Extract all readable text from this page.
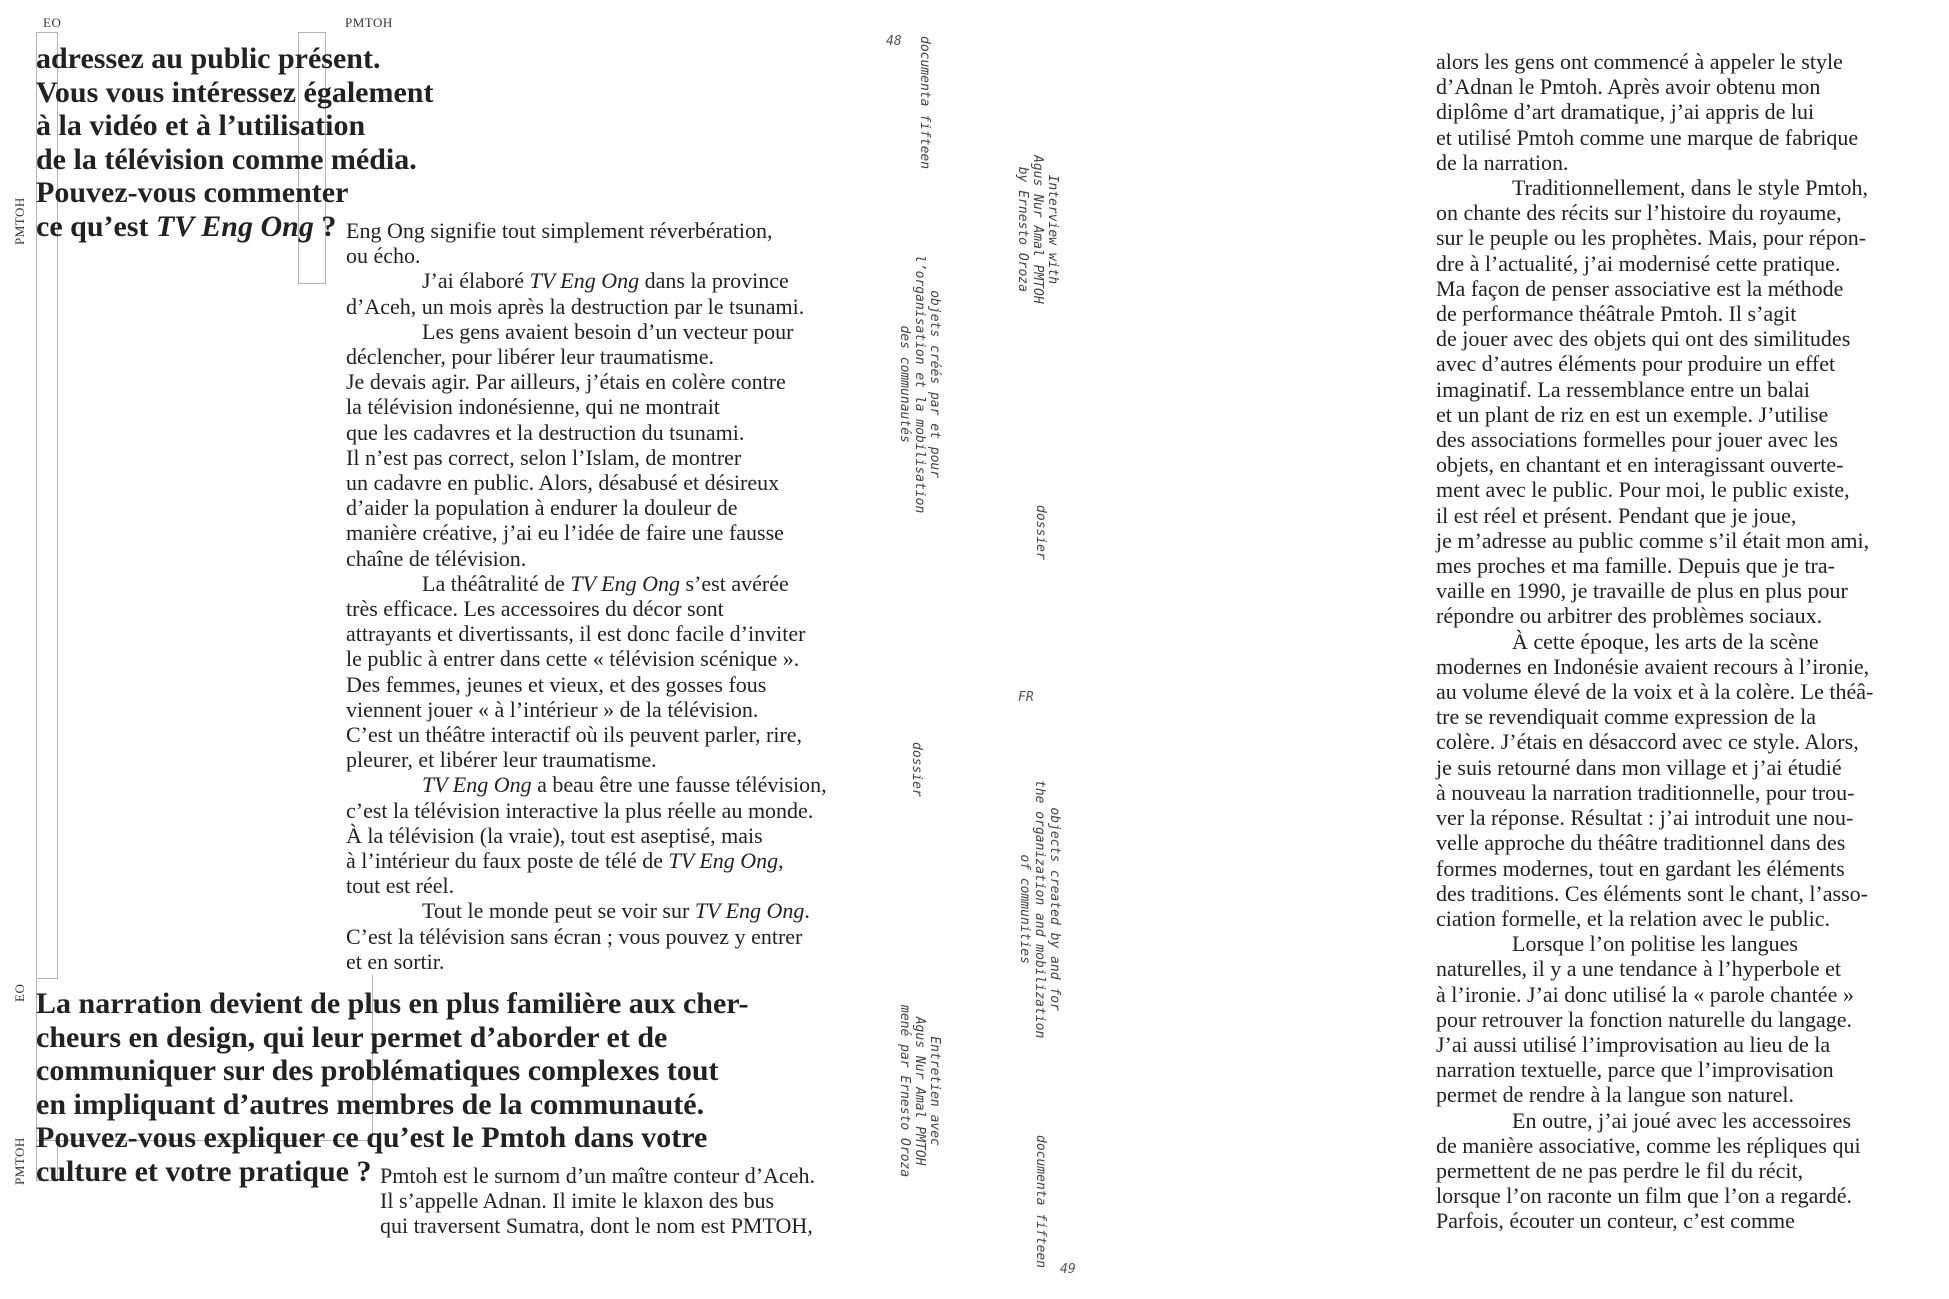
EO	PMTOH
PMTOH
EO
PMTOH
adressez au public présent.
Vous vous intéressez également
à la vidéo et à l’utilisation
de la télévision comme média.
Pouvez-vous commenter
ce qu’est TV Eng Ong ? Eng Ong signifie tout simplement réverbération,
ou écho.
J’ai élaboré TV Eng Ong dans la province
d’Aceh, un mois après la destruction par le tsunami.
Les gens avaient besoin d’un vecteur pour
déclencher, pour libérer leur traumatisme.
Je devais agir. Par ailleurs, j’étais en colère contre
la télévision indonésienne, qui ne montrait
que les cadavres et la destruction du tsunami.
Il n’est pas correct, selon l’Islam, de montrer
un cadavre en public. Alors, désabusé et désireux
d’aider la population à endurer la douleur de
manière créative, j’ai eu l’idée de faire une fausse
chaîne de télévision.
La théâtralité de TV Eng Ong s’est avérée
très efficace. Les accessoires du décor sont
attrayants et divertissants, il est donc facile d’inviter
le public à entrer dans cette « télévision scénique ».
Des femmes, jeunes et vieux, et des gosses fous
viennent jouer « à l’intérieur » de la télévision.
C’est un théâtre interactif où ils peuvent parler, rire,
pleurer, et libérer leur traumatisme.
TV Eng Ong a beau être une fausse télévision,
c’est la télévision interactive la plus réelle au monde.
À la télévision (la vraie), tout est aseptisé, mais
à l’intérieur du faux poste de télé de TV Eng Ong,
tout est réel.
Tout le monde peut se voir sur TV Eng Ong.
C’est la télévision sans écran ; vous pouvez y entrer
et en sortir.
La narration devient de plus en plus familière aux cher-
cheurs en design, qui leur permet d’aborder et de
communiquer sur des problématiques complexes tout
en impliquant d’autres membres de la communauté.
Pouvez-vous expliquer ce qu’est le Pmtoh dans votre
culture et votre pratique ? Pmtoh est le surnom d’un maître conteur d’Aceh.
Il s’appelle Adnan. Il imite le klaxon des bus
qui traversent Sumatra, dont le nom est PMTOH,
48
49
documenta fifteen
objets créés par et pour
l’organisation et la mobilisation
des communautés
dossier
Entretien avec
Agus Nur Amal PMTOH
mené par Ernesto Oroza
Interview with
Agus Nur Amal PMTOH
by Ernesto Oroza
dossier
FR
objects created by and for
the organization and mobilization
of communities
documenta fifteen
alors les gens ont commencé à appeler le style
d’Adnan le Pmtoh. Après avoir obtenu mon
diplôme d’art dramatique, j’ai appris de lui
et utilisé Pmtoh comme une marque de fabrique
de la narration.
Traditionnellement, dans le style Pmtoh,
on chante des récits sur l’histoire du royaume,
sur le peuple ou les prophètes. Mais, pour répon-
dre à l’actualité, j’ai modernisé cette pratique.
Ma façon de penser associative est la méthode
de performance théâtrale Pmtoh. Il s’agit
de jouer avec des objets qui ont des similitudes
avec d’autres éléments pour produire un effet
imaginatif. La ressemblance entre un balai
et un plant de riz en est un exemple. J’utilise
des associations formelles pour jouer avec les
objets, en chantant et en interagissant ouverte-
ment avec le public. Pour moi, le public existe,
il est réel et présent. Pendant que je joue,
je m’adresse au public comme s’il était mon ami,
mes proches et ma famille. Depuis que je tra-
vaille en 1990, je travaille de plus en plus pour
répondre ou arbitrer des problèmes sociaux.
À cette époque, les arts de la scène
modernes en Indonésie avaient recours à l’ironie,
au volume élevé de la voix et à la colère. Le théâ-
tre se revendiquait comme expression de la
colère. J’étais en désaccord avec ce style. Alors,
je suis retourné dans mon village et j’ai étudié
à nouveau la narration traditionnelle, pour trou-
ver la réponse. Résultat : j’ai introduit une nou-
velle approche du théâtre traditionnel dans des
formes modernes, tout en gardant les éléments
des traditions. Ces éléments sont le chant, l’asso-
ciation formelle, et la relation avec le public.
Lorsque l’on politise les langues
naturelles, il y a une tendance à l’hyperbole et
à l’ironie. J’ai donc utilisé la « parole chantée »
pour retrouver la fonction naturelle du langage.
J’ai aussi utilisé l’improvisation au lieu de la
narration textuelle, parce que l’improvisation
permet de rendre à la langue son naturel.
En outre, j’ai joué avec les accessoires
de manière associative, comme les répliques qui
permettent de ne pas perdre le fil du récit,
lorsque l’on raconte un film que l’on a regardé.
Parfois, écouter un conteur, c’est comme
